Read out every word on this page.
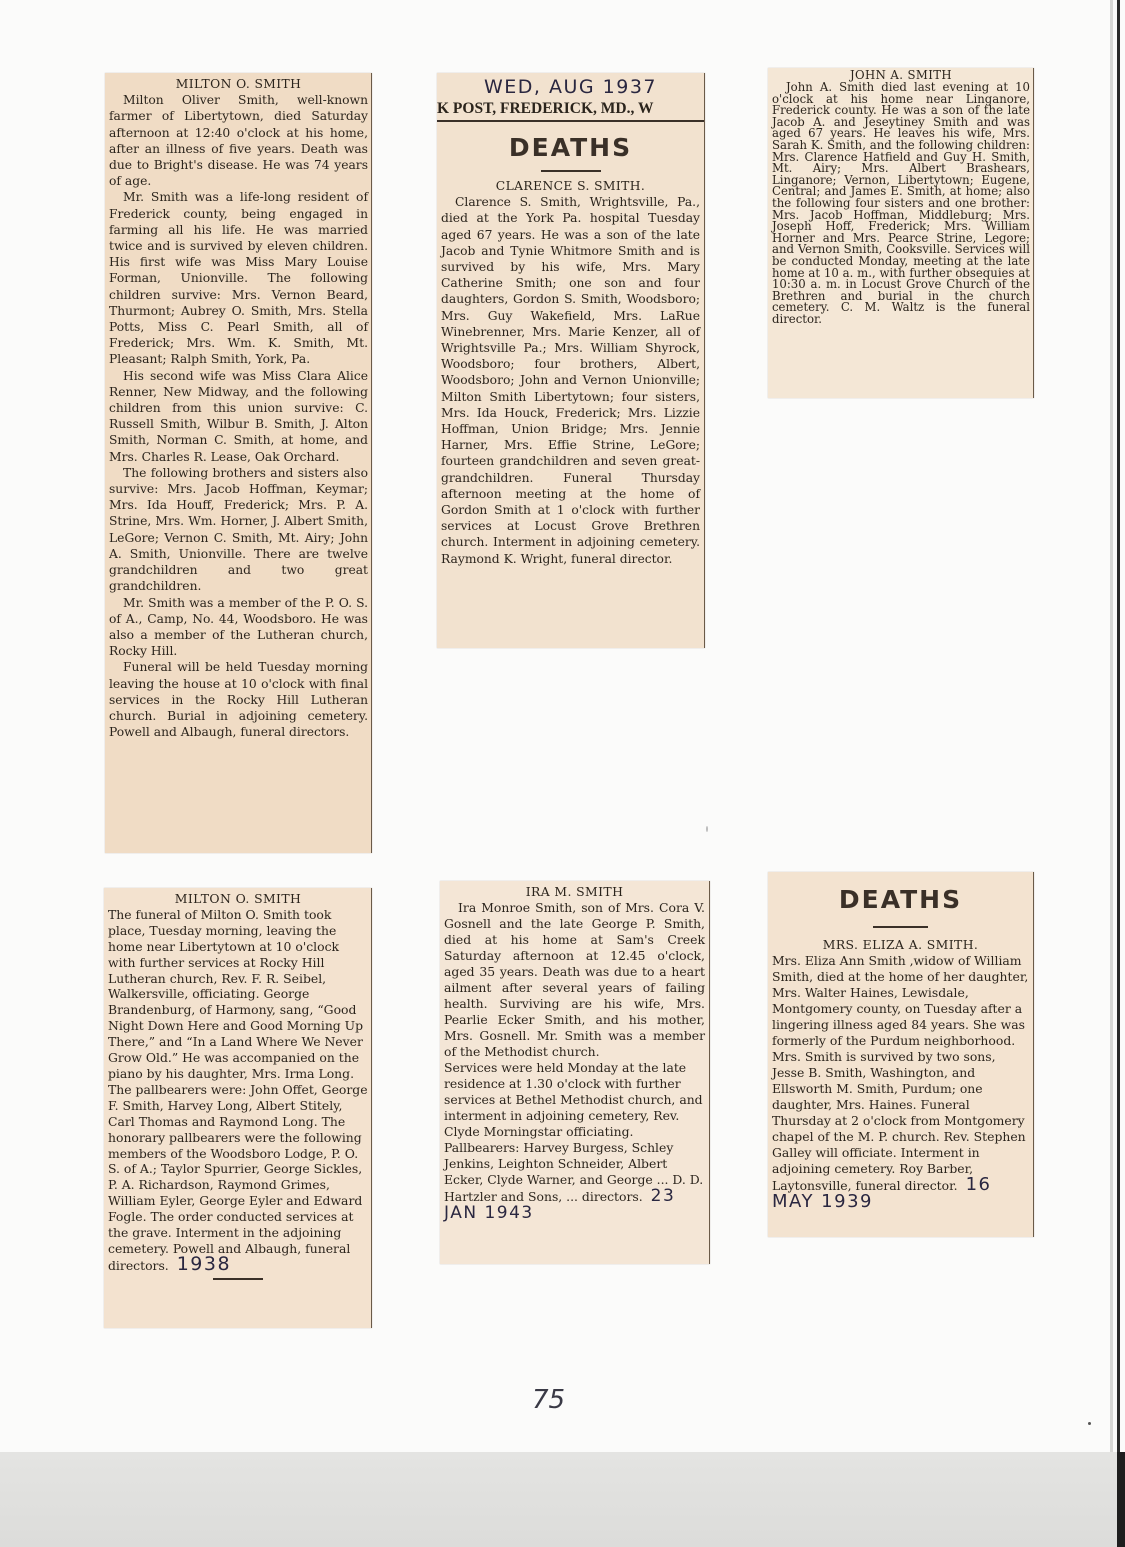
MILTON O. SMITH

Milton Oliver Smith, well-known farmer of Libertytown, died Saturday afternoon at 12:40 o'clock at his home, after an illness of five years. Death was due to Bright's disease. He was 74 years of age.

Mr. Smith was a life-long resident of Frederick county, being engaged in farming all his life. He was married twice and is survived by eleven children. His first wife was Miss Mary Louise Forman, Unionville. The following children survive: Mrs. Vernon Beard, Thurmont; Aubrey O. Smith, Mrs. Stella Potts, Miss C. Pearl Smith, all of Frederick; Mrs. Wm. K. Smith, Mt. Pleasant; Ralph Smith, York, Pa.

His second wife was Miss Clara Alice Renner, New Midway, and the following children from this union survive: C. Russell Smith, Wilbur B. Smith, J. Alton Smith, Norman C. Smith, at home, and Mrs. Charles R. Lease, Oak Orchard.

The following brothers and sisters also survive: Mrs. Jacob Hoffman, Keymar; Mrs. Ida Houff, Frederick; Mrs. P. A. Strine, Mrs. Wm. Horner, J. Albert Smith, LeGore; Vernon C. Smith, Mt. Airy; John A. Smith, Unionville. There are twelve grandchildren and two great grandchildren.

Mr. Smith was a member of the P. O. S. of A., Camp, No. 44, Woodsboro. He was also a member of the Lutheran church, Rocky Hill.

Funeral will be held Tuesday morning leaving the house at 10 o'clock with final services in the Rocky Hill Lutheran church. Burial in adjoining cemetery. Powell and Albaugh, funeral directors.

WED, AUG 1937
K POST, FREDERICK, MD., W
DEATHS
CLARENCE S. SMITH.

Clarence S. Smith, Wrightsville, Pa., died at the York Pa. hospital Tuesday aged 67 years. He was a son of the late Jacob and Tynie Whitmore Smith and is survived by his wife, Mrs. Mary Catherine Smith; one son and four daughters, Gordon S. Smith, Woodsboro; Mrs. Guy Wakefield, Mrs. LaRue Winebrenner, Mrs. Marie Kenzer, all of Wrightsville Pa.; Mrs. William Shyrock, Woodsboro; four brothers, Albert, Woodsboro; John and Vernon Unionville; Milton Smith Libertytown; four sisters, Mrs. Ida Houck, Frederick; Mrs. Lizzie Hoffman, Union Bridge; Mrs. Jennie Harner, Mrs. Effie Strine, LeGore; fourteen grandchildren and seven great-grandchildren. Funeral Thursday afternoon meeting at the home of Gordon Smith at 1 o'clock with further services at Locust Grove Brethren church. Interment in adjoining cemetery. Raymond K. Wright, funeral director.

JOHN A. SMITH

John A. Smith died last evening at 10 o'clock at his home near Linganore, Frederick county. He was a son of the late Jacob A. and Jeseytiney Smith and was aged 67 years. He leaves his wife, Mrs. Sarah K. Smith, and the following children: Mrs. Clarence Hatfield and Guy H. Smith, Mt. Airy; Mrs. Albert Brashears, Linganore; Vernon, Libertytown; Eugene, Central; and James E. Smith, at home; also the following four sisters and one brother: Mrs. Jacob Hoffman, Middleburg; Mrs. Joseph Hoff, Frederick; Mrs. William Horner and Mrs. Pearce Strine, Legore; and Vernon Smith, Cooksville. Services will be conducted Monday, meeting at the late home at 10 a. m., with further obsequies at 10:30 a. m. in Locust Grove Church of the Brethren and burial in the church cemetery. C. M. Waltz is the funeral director.

MILTON O. SMITH

The funeral of Milton O. Smith took place, Tuesday morning, leaving the home near Libertytown at 10 o'clock with further services at Rocky Hill Lutheran church, Rev. F. R. Seibel, Walkersville, officiating. George Brandenburg, of Harmony, sang, “Good Night Down Here and Good Morning Up There,” and “In a Land Where We Never Grow Old.” He was accompanied on the piano by his daughter, Mrs. Irma Long. The pallbearers were: John Offet, George F. Smith, Harvey Long, Albert Stitely, Carl Thomas and Raymond Long. The honorary pallbearers were the following members of the Woodsboro Lodge, P. O. S. of A.; Taylor Spurrier, George Sickles, P. A. Richardson, Raymond Grimes, William Eyler, George Eyler and Edward Fogle. The order conducted services at the grave. Interment in the adjoining cemetery. Powell and Albaugh, funeral directors. 1938
IRA M. SMITH

Ira Monroe Smith, son of Mrs. Cora V. Gosnell and the late George P. Smith, died at his home at Sam's Creek Saturday afternoon at 12.45 o'clock, aged 35 years. Death was due to a heart ailment after several years of failing health. Surviving are his wife, Mrs. Pearlie Ecker Smith, and his mother, Mrs. Gosnell. Mr. Smith was a member of the Methodist church.

Services were held Monday at the late residence at 1.30 o'clock with further services at Bethel Methodist church, and interment in adjoining cemetery, Rev. Clyde Morningstar officiating. Pallbearers: Harvey Burgess, Schley Jenkins, Leighton Schneider, Albert Ecker, Clyde Warner, and George ... D. D. Hartzler and Sons, ... directors. 23 JAN 1943
DEATHS
MRS. ELIZA A. SMITH.

Mrs. Eliza Ann Smith ,widow of William Smith, died at the home of her daughter, Mrs. Walter Haines, Lewisdale, Montgomery county, on Tuesday after a lingering illness aged 84 years. She was formerly of the Purdum neighborhood. Mrs. Smith is survived by two sons, Jesse B. Smith, Washington, and Ellsworth M. Smith, Purdum; one daughter, Mrs. Haines. Funeral Thursday at 2 o'clock from Montgomery chapel of the M. P. church. Rev. Stephen Galley will officiate. Interment in adjoining cemetery. Roy Barber, Laytonsville, funeral director. 16 MAY 1939
75
